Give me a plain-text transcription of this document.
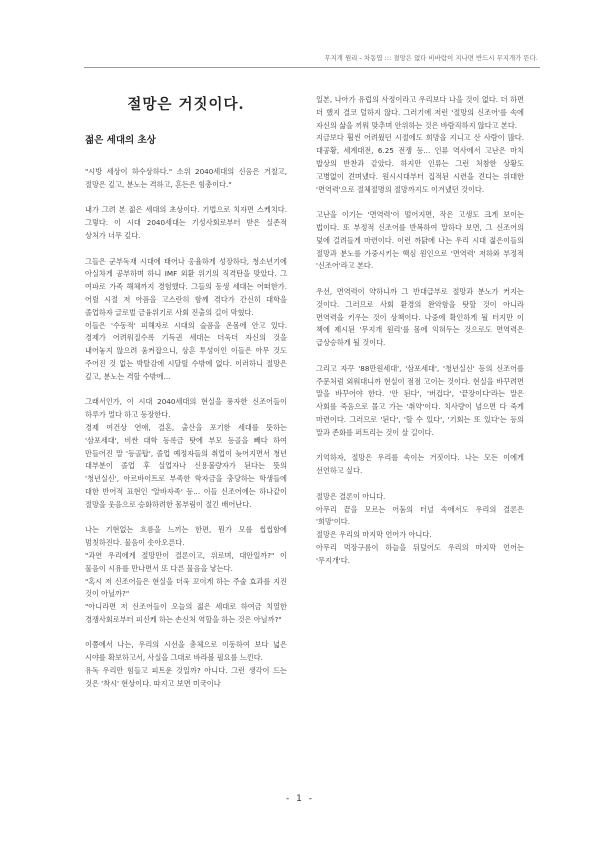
무지개 원리 - 차동엽 ::: 절망은 없다 비바람이 지나면 반드시 무지개가 뜬다.
절망은 거짓이다.
젊은 세대의 초상

"시방 세상이 하수상하다." 소위 2040세대의 신음은 거칠고, 절망은 깊고, 분노는 격하고, 흔든은 힘총이다."

내가 그려 본 젊은 세대의 초상이다. 기법으로 치자면 스케치다. 그렇다. 이 시대 2040세대는 기성사회로부터 받은 실존적 상처가 너무 깊다.

그들은 군부독재 시대에 태어나 옹율하게 성장하다, 청소년기에 아실차게 공부하며 하니 IMF 외환 위기의 직격탄을 맞았다. 그 여파로 가족 해체까지 경험했다. 그들의 동생 세대는 어떠한가. 어릴 시절 저 아픔을 고스란히 함께 겪다가 간신히 대학을 졸업하자 글로벌 금융위기로 사회 진출의 길이 막혔다.

이들은 '수동적' 피해자로 시대의 슬픔을 온몸에 안고 있다. 경제가 어려워질수록 기득권 세대는 더욱더 자신의 것을 내어놓지 않으려 움켜잡으니, 상흔 투성이인 이들은 아무 것도 주어진 것 없는 박탈감에 시달릴 수밖에 없다. 이러하니 절망은 깊고, 분노는 격할 수밖에...

그래서인가, 이 시대 2040세대의 현실을 풍자한 신조어들이 하루가 멀다 하고 등장한다.

경제 여건상 연애, 결혼, 출산을 포기한 세대를 뜻하는 '삼포세대', 비싼 대학 등록금 탓에 부모 등골을 빼다 하여 만들어진 말 '등골탑', 졸업 예정자들의 취업이 늦어지면서 청년 대부분이 졸업 후 실업자나 신용불량자가 된다는 뜻의 '청년실신', 아르바이트로 부족한 학자금을 충당하는 학생들에 대한 반어적 표현인 '알바자족' 등... 이들 신조어에는 하나같이 절망을 웃음으로 승화하려한 몸부림이 절긴 배어난다.

나는 기현없는 흐름을 느끼는 한편, 뭔가 모를 씹씹함에 멈칫하진다. 물음이 솟아오른다.

"과연 우리에게 절망만이 결론이고, 위로며, 대안일까?" 이 물음이 시유를 만나면서 또 다른 물음을 낳는다.

"혹시 저 신조어들은 현실을 더욱 꼬이게 하는 주술 효과를 지진 것이 아닐까?"

"아니라면 저 신조어들이 오늘의 젊은 세대로 하여금 치열한 경쟁사회로부터 피신케 하는 손신처 역할을 하는 것은 아닐까?"

이쯤에서 나는, 우리의 시선을 총체으로 이동하여 보다 넓은 시야를 확보하고서, 사실을 그대로 바라볼 필요를 느낀다.

유독 우리만 힘들고 피트운 것일까? 아니다. 그런 생각이 드는 것은 '착시' 현상이다. 따지고 보면 미국이나

일본, 나아가 유럽의 사정이라고 우리보다 나을 것이 없다. 더 하면 더 했지 결코 덜하지 않다. 그러기에 저런 '절망의 신조어'를 속에 자신의 삶을 끼워 맞추며 안위하는 것은 바람직하지 않다고 본다.

지금보다 훨씬 어려웠던 시절에도 희망을 지니고 산 사람이 많다. 대공황, 세계대전, 6.25 전쟁 등... 인류 역사에서 고난은 마치 밥상의 반찬과 같았다. 하지만 인류는 그런 처참한 상황도 고병없이 견며냈다. 원시시대부터 집적된 시련을 견디는 위대한 '면역력'으로 절체절명의 절망까지도 이겨냈던 것이다.

고난을 이기는 '면역력'이 떨어지면, 작은 고생도 크게 보이는 법이다. 또 부정적 신조어를 반복하여 말하다 보면, 그 신조어의 덫에 걸려들게 마련이다. 이런 까닭에 나는 우리 시대 젊은이들의 절망과 분노를 가중시키는 핵심 원인으로 '면역력' 저하와 부정적 '신조어'라고 본다.

우선, 면역력이 약하니까 그 반대급부로 절망과 분노가 커지는 것이다. 그러므로 사회 환경의 완악함을 탓할 것이 아니라 면역력을 키우는 것이 상책이다. 나중에 확인하게 될 터지만 이 책에 제시된 '무지개 원리'를 몸에 익혀두는 것으로도 면역력은 급상승하게 될 것이다.

그리고 자꾸 '88만원세대', '삼포세대', '청년실신' 등의 신조어를 주문처럼 외워대니까 현실이 점점 고이는 것이다. 현실을 바꾸려면 말을 바꾸어야 한다. '안 된다', '버겁다', '끝장이다'라는 말은 사회를 죽음으로 몰고 가는 '취약'이다. 치사량이 넘으면 다 죽게 마련이다. 그러므로 '된다', '할 수 있다', '기회는 또 있다'는 등의 말과 존화를 퍼트리는 것이 살 길이다.

기억하자, 절망은 우리를 속이는 거짓이다. 나는 모든 이에게 선언하고 싶다.

절망은 결론이 아니다.
아무리 끝을 모르는 어둠의 터널 속에서도 우리의 결론은 '희망'이다.
절망은 우리의 마지막 언어가 아니다.
아무리 먹장구름이 하늘을 뒤덮어도 우리의 마지막 언어는 '무지개'다.

- 1 -
